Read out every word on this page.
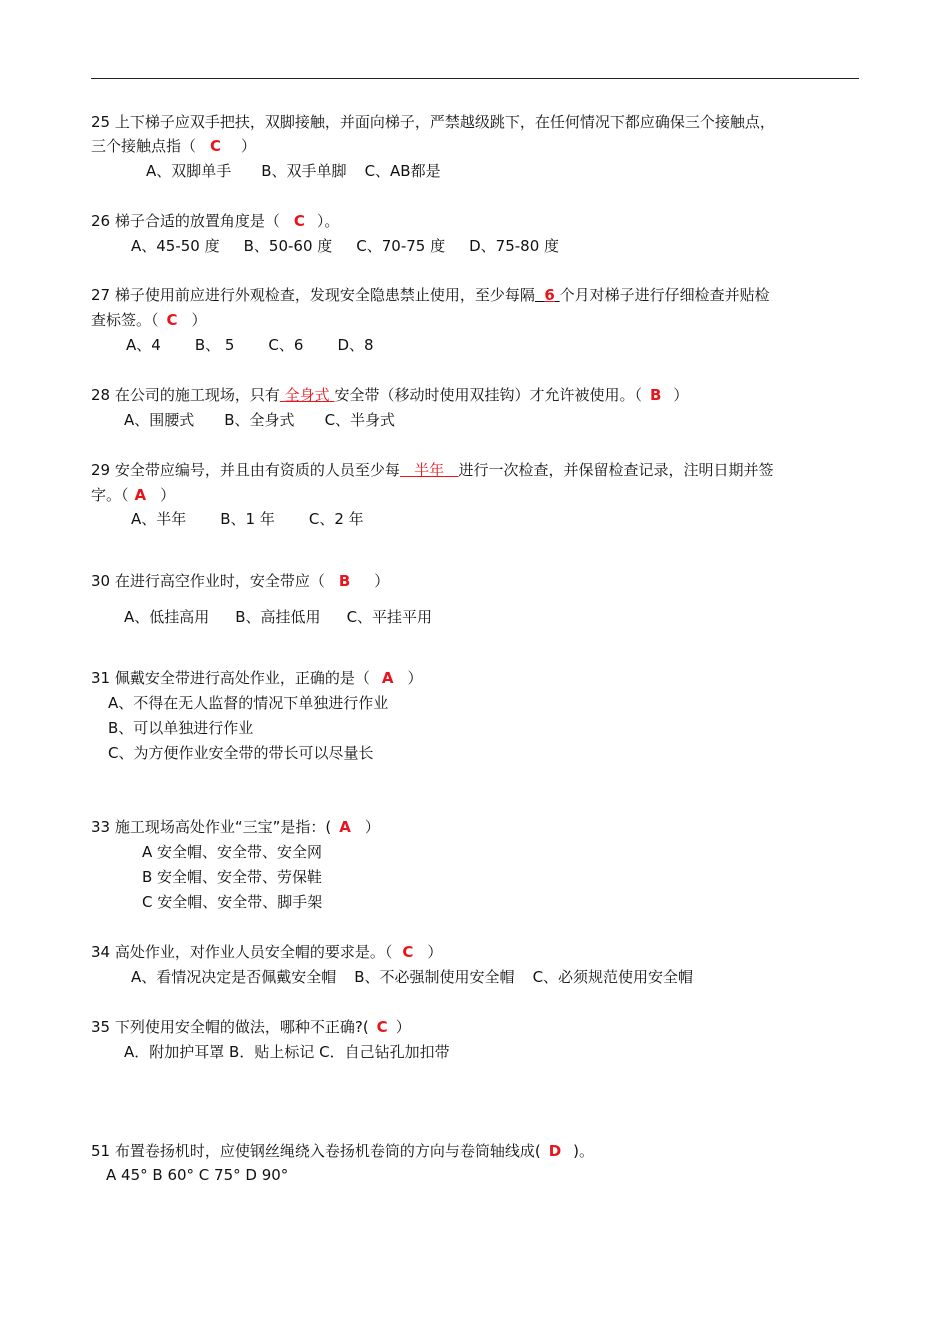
25 上下梯子应双手把扶，双脚接触，并面向梯子，严禁越级跳下，在任何情况下都应确保三个接触点，
三个接触点指（ C ）
A、双脚单手 B、双手单脚 C、AB都是
26 梯子合适的放置角度是（ C ）。
A、45-50 度 B、50-60 度 C、70-75 度 D、75-80 度
27 梯子使用前应进行外观检查，发现安全隐患禁止使用，至少每隔 6 个月对梯子进行仔细检查并贴检
查标签。（ C ）
A、4 B、 5 C、6 D、8
28 在公司的施工现场，只有 全身式 安全带（移动时使用双挂钩）才允许被使用。（ B ）
A、围腰式 B、全身式 C、半身式
29 安全带应编号，并且由有资质的人员至少每 半年 进行一次检查，并保留检查记录，注明日期并签
字。（ A ）
A、半年 B、1 年 C、2 年
30 在进行高空作业时，安全带应（ B ）
A、低挂高用 B、高挂低用 C、平挂平用
31 佩戴安全带进行高处作业，正确的是（ A ）
A、不得在无人监督的情况下单独进行作业
B、可以单独进行作业
C、为方便作业安全带的带长可以尽量长
33 施工现场高处作业“三宝”是指：( A ）
A 安全帽、安全带、安全网
B 安全帽、安全带、劳保鞋
C 安全帽、安全带、脚手架
34 高处作业，对作业人员安全帽的要求是。（ C ）
A、看情况决定是否佩戴安全帽 B、不必强制使用安全帽 C、必须规范使用安全帽
35 下列使用安全帽的做法，哪种不正确?( C ）
A．附加护耳罩 B．贴上标记 C．自己钻孔加扣带
51 布置卷扬机时，应使钢丝绳绕入卷扬机卷筒的方向与卷筒轴线成( D )。
A 45° B 60° C 75° D 90°
